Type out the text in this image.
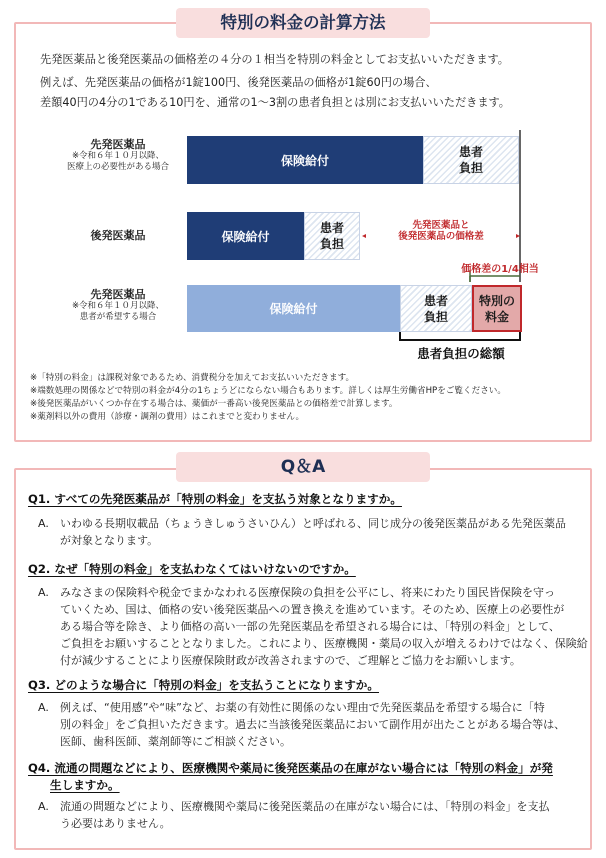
特別の料金の計算方法
先発医薬品と後発医薬品の価格差の４分の１相当を特別の料金としてお支払いいただきます。
例えば、先発医薬品の価格が1錠100円、後発医薬品の価格が1錠60円の場合、
差額40円の4分の1である10円を、通常の1～3割の患者負担とは別にお支払いいただきます。
先発医薬品
※令和６年１０月以降、
医療上の必要性がある場合	保険給付
患者
負担
後発医薬品	保険給付
患者
負担
先発医薬品と
後発医薬品の価格差
価格差の1/4相当
先発医薬品
※令和６年１０月以降、
患者が希望する場合
保険給付
患者
負担
特別の
料金
患者負担の総額
※「特別の料金」は課税対象であるため、消費税分を加えてお支払いいただきます。
※端数処理の関係などで特別の料金が4分の1ちょうどにならない場合もあります。詳しくは厚生労働省HPをご覧ください。
※後発医薬品がいくつか存在する場合は、薬価が一番高い後発医薬品との価格差で計算します。
※薬剤料以外の費用（診療・調剤の費用）はこれまでと変わりません。
Q＆A
Q1. すべての先発医薬品が「特別の料金」を支払う対象となりますか。
A. いわゆる長期収載品（ちょうきしゅうさいひん）と呼ばれる、同じ成分の後発医薬品がある先発医薬品
が対象となります。
Q2. なぜ「特別の料金」を支払わなくてはいけないのですか。
A. みなさまの保険料や税金でまかなわれる医療保険の負担を公平にし、将来にわたり国民皆保険を守っ
ていくため、国は、価格の安い後発医薬品への置き換えを進めています。そのため、医療上の必要性が
ある場合等を除き、より価格の高い一部の先発医薬品を希望される場合には、「特別の料金」として、
ご負担をお願いすることとなりました。これにより、医療機関・薬局の収入が増えるわけではなく、保険給
付が減少することにより医療保険財政が改善されますので、ご理解とご協力をお願いします。
Q3. どのような場合に「特別の料金」を支払うことになりますか。
A. 例えば、“使用感”や“味”など、お薬の有効性に関係のない理由で先発医薬品を希望する場合に「特
別の料金」をご負担いただきます。過去に当該後発医薬品において副作用が出たことがある場合等は、
医師、歯科医師、薬剤師等にご相談ください。
Q4. 流通の問題などにより、医療機関や薬局に後発医薬品の在庫がない場合には「特別の料金」が発
生しますか。
A. 流通の問題などにより、医療機関や薬局に後発医薬品の在庫がない場合には、「特別の料金」を支払
う必要はありません。
